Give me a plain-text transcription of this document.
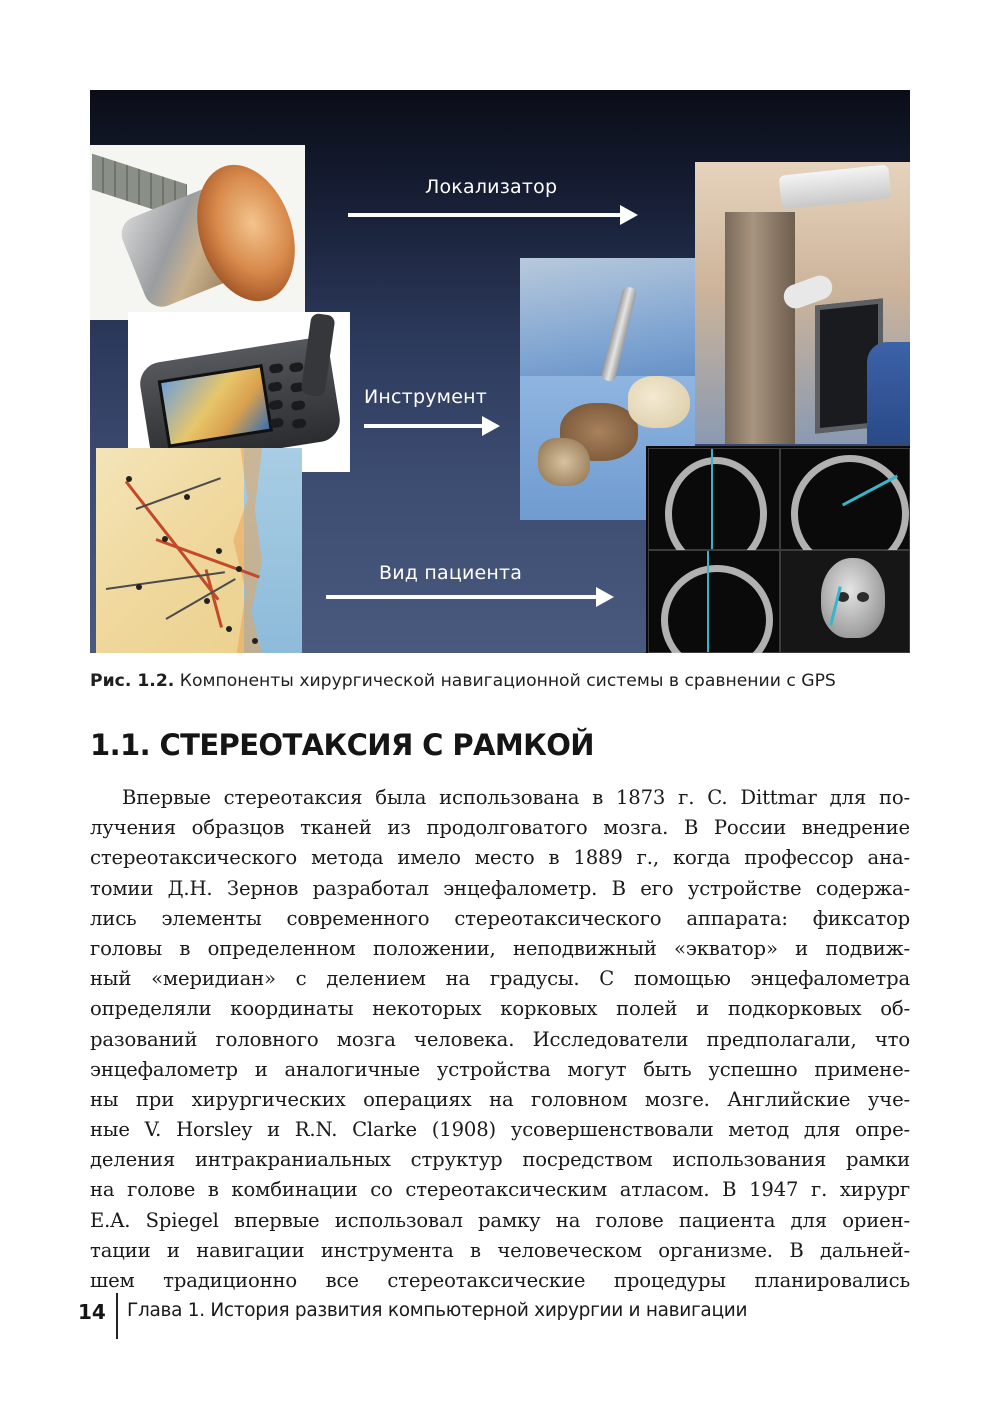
Локализатор
Инструмент
Вид пациента
Рис. 1.2. Компоненты хирургической навигационной системы в сравнении с GPS
1.1. СТЕРЕОТАКСИЯ С РАМКОЙ
Впервые стереотаксия была использована в 1873 г. C. Dittmar для по-
лучения образцов тканей из продолговатого мозга. В России внедрение
стереотаксического метода имело место в 1889 г., когда профессор ана-
томии Д.Н. Зернов разработал энцефалометр. В его устройстве содержа-
лись элементы современного стереотаксического аппарата: фиксатор
головы в определенном положении, неподвижный «экватор» и подвиж-
ный «меридиан» с делением на градусы. С помощью энцефалометра
определяли координаты некоторых корковых полей и подкорковых об-
разований головного мозга человека. Исследователи предполагали, что
энцефалометр и аналогичные устройства могут быть успешно примене-
ны при хирургических операциях на головном мозге. Английские уче-
ные V. Horsley и R.N. Clarke (1908) усовершенствовали метод для опре-
деления интракраниальных структур посредством использования рамки
на голове в комбинации со стереотаксическим атласом. В 1947 г. хирург
E.A. Spiegel впервые использовал рамку на голове пациента для ориен-
тации и навигации инструмента в человеческом организме. В дальней-
шем традиционно все стереотаксические процедуры планировались
14 Глава 1. История развития компьютерной хирургии и навигации
